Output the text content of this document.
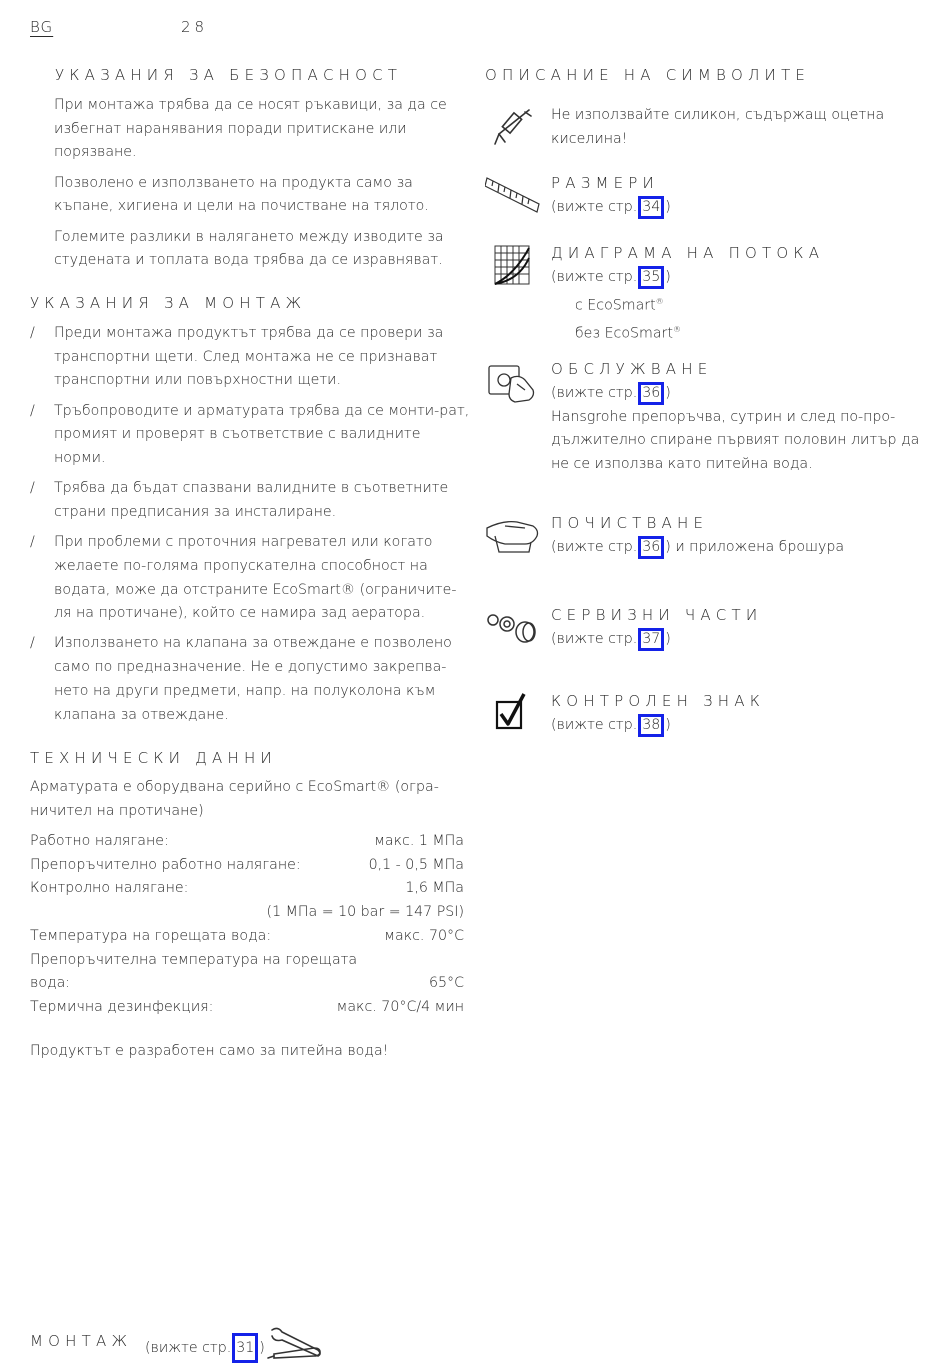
BG	28
УКАЗАНИЯ ЗА БЕЗОПАСНОСТ

При монтажа трябва да се носят ръкавици, за да се избегнат наранявания поради притискане или порязване.

Позволено е използването на продукта само за къпане, хигиена и цели на почистване на тялото.

Големите разлики в налягането между изводите за студената и топлата вода трябва да се изравняват.

УКАЗАНИЯ ЗА МОНТАЖ
/ Преди монтажа продуктът трябва да се провери за транспортни щети. След монтажа не се признават транспортни или повърхностни щети.
/ Тръбопроводите и арматурата трябва да се монти-рат, промият и проверят в съответствие с валидните норми.
/ Трябва да бъдат спазвани валидните в съответните страни предписания за инсталиране.
/ При проблеми с проточния нагревател или когато желаете по-голяма пропускателна способност на водата, може да отстраните EcoSmart® (ограничите-ля на протичане), който се намира зад аератора.
/ Използването на клапана за отвеждане е позволено само по предназначение. Не е допустимо закрепва-нето на други предмети, напр. на полуколона към клапана за отвеждане.
ТЕХНИЧЕСКИ ДАННИ
Арматурата е оборудвана серийно с EcoSmart® (огра-ничител на протичане)
Работно налягане:	макс. 1 MПa
Препоръчително работно налягане:	0,1 - 0,5 MПa
Контролно налягане:	1,6 MПa
(1 MПa = 10 bar = 147 PSI)
Температура на горещата вода:	макс. 70°C
Препоръчителна температура на горещата
вода:	65°C
Термична дезинфекция:	макс. 70°C/4 мин
Продуктът е разработен само за питейна вода!
ОПИСАНИЕ НА СИМВОЛИТЕ
Не използвайте силикон, съдържащ оцетна киселина!
РАЗМЕРИ
(вижте стр. 34 )
ДИАГРАМА НА ПОТОКА
(вижте стр. 35 )
с EcoSmart®
без EcoSmart®
ОБСЛУЖВАНЕ
(вижте стр. 36 )
Hansgrohe препоръчва, сутрин и след по-про-дължително спиране първият половин литър да не се използва като питейна вода.
ПОЧИСТВАНЕ
(вижте стр. 36 ) и приложена брошура
СЕРВИЗНИ ЧАСТИ
(вижте стр. 37 )
КОНТРОЛЕН ЗНАК
(вижте стр. 38 )
МОНТАЖ (вижте стр. 31 )
